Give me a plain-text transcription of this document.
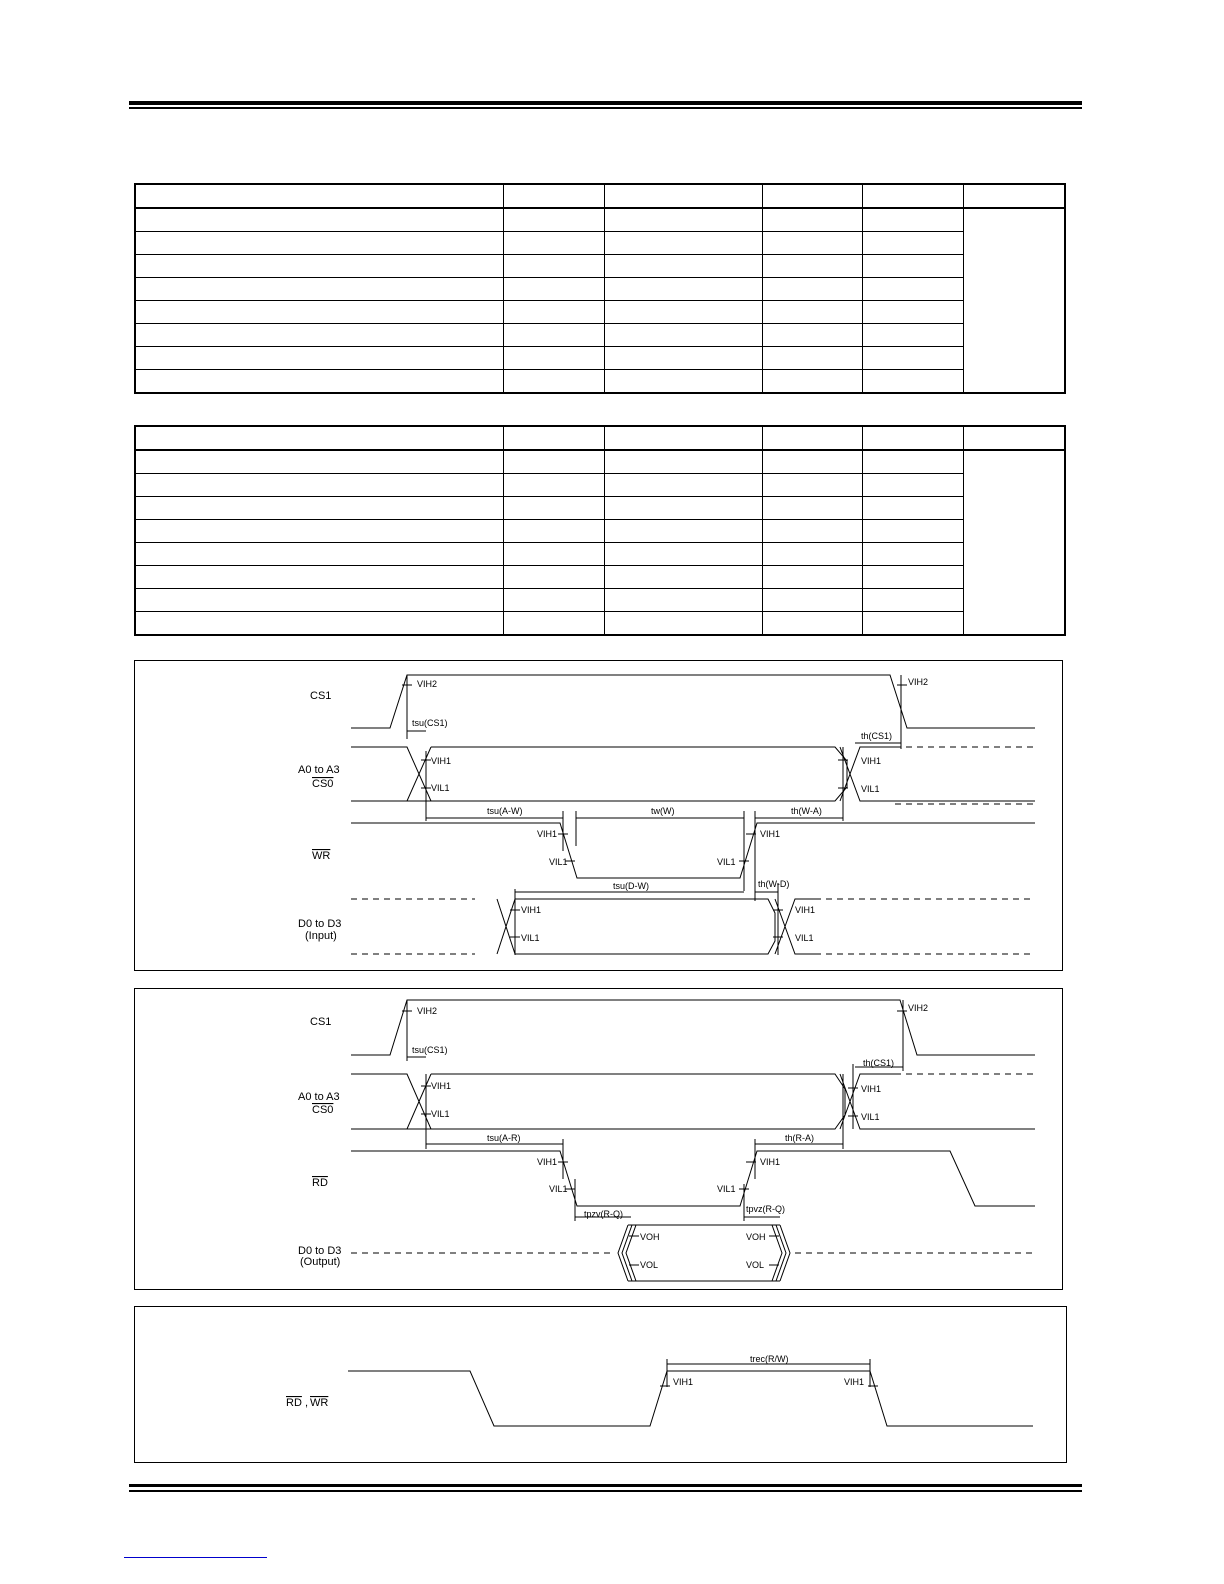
CS1
A0 to A3
CS0
WR
D0 to D3
(Input)
VIH2	VIH2
VIH1
VIL1
VIH1
VIL1
VIH1
VIL1	VIL1
VIH1
VIH1
VIL1
VIH1
VIL1
tsu(CS1)
th(CS1)
tsu(A-W)	tw(W)	th(W-A)
tsu(D-W)	th(W-D)
CS1
A0 to A3
CS0
RD
D0 to D3
(Output)
VIH2	VIH2
VIH1
VIL1
VIH1
VIL1
VIH1
VIL1	VIL1
VIH1
VOH
VOL
VOH
VOL
tsu(CS1)
th(CS1)
tsu(A-R)	th(R-A)
tpzv(R-Q)	tpvz(R-Q)
RD , WR
VIH1	VIH1
trec(R/W)
